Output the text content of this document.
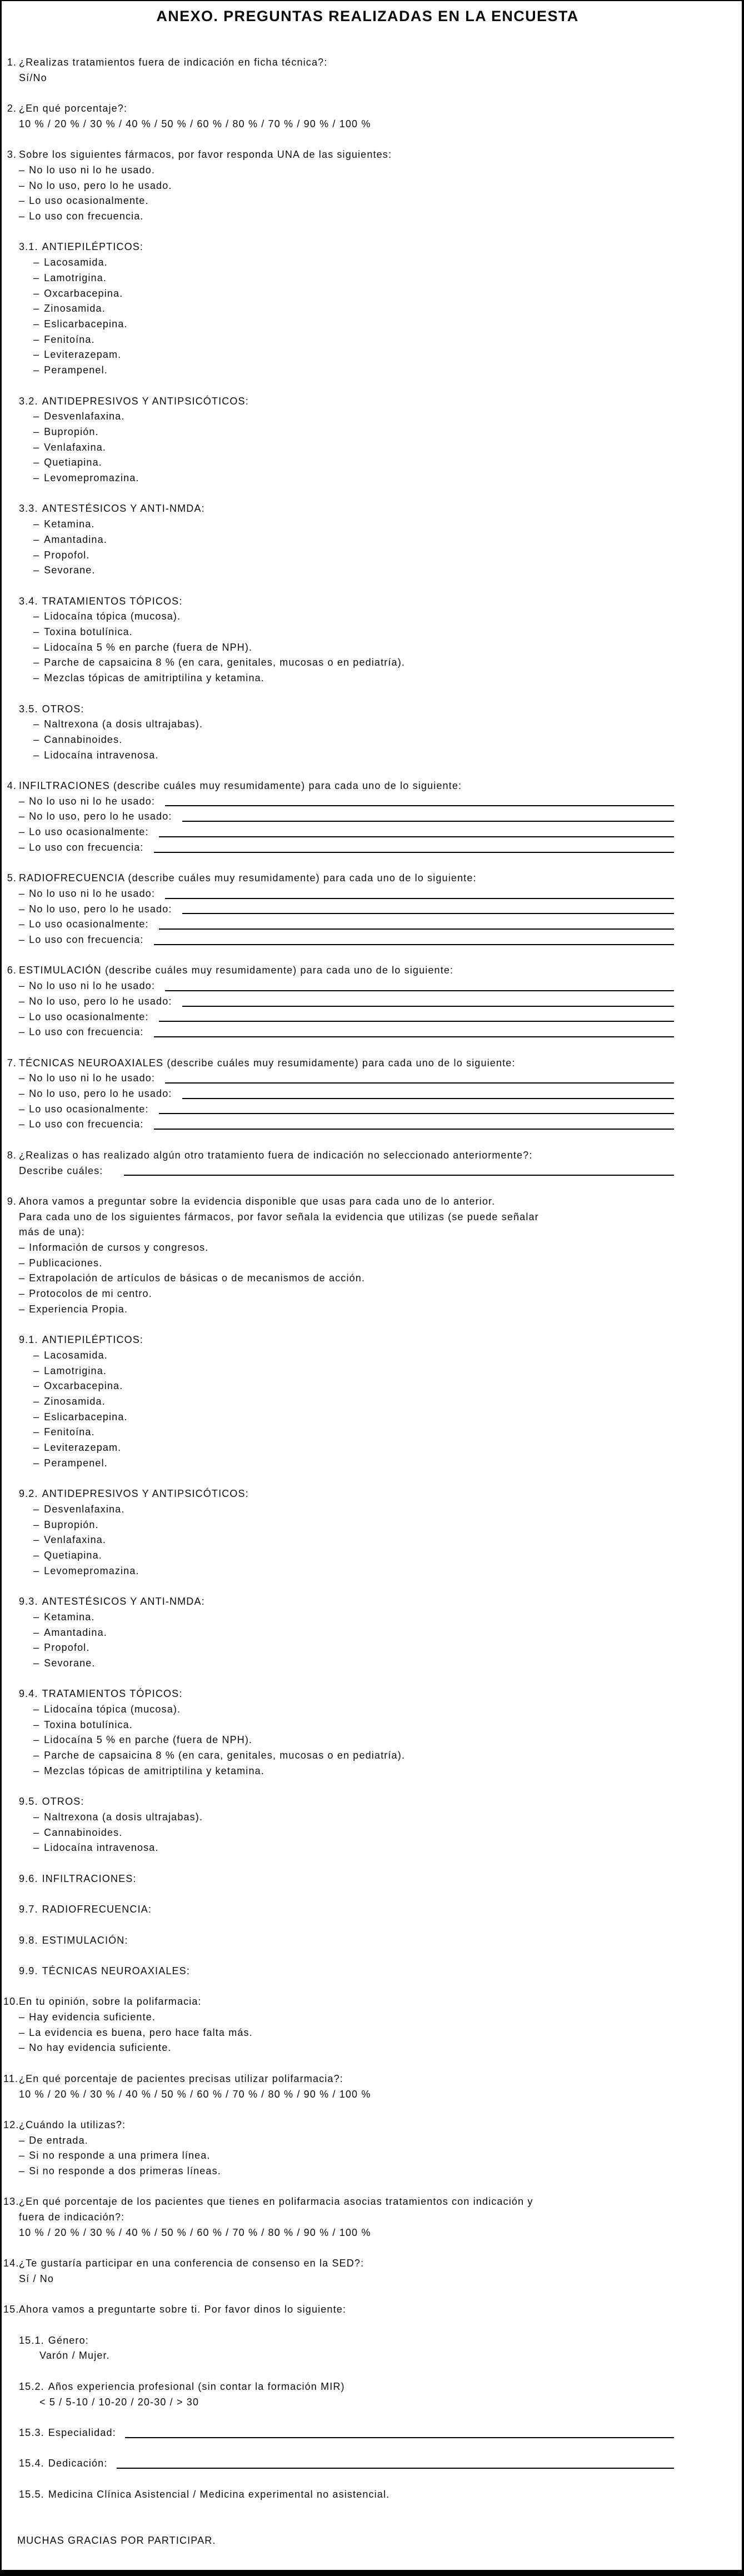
ANEXO. PREGUNTAS REALIZADAS EN LA ENCUESTA
1. ¿Realizas tratamientos fuera de indicación en ficha técnica?:
Sí/No
2. ¿En qué porcentaje?:
10 % / 20 % / 30 % / 40 % / 50 % / 60 % / 80 % / 70 % / 90 % / 100 %
3. Sobre los siguientes fármacos, por favor responda UNA de las siguientes:
– No lo uso ni lo he usado.
– No lo uso, pero lo he usado.
– Lo uso ocasionalmente.
– Lo uso con frecuencia.
3.1. ANTIEPILÉPTICOS:
– Lacosamida.
– Lamotrigina.
– Oxcarbacepina.
– Zinosamida.
– Eslicarbacepina.
– Fenitoína.
– Leviterazepam.
– Perampenel.
3.2. ANTIDEPRESIVOS Y ANTIPSICÓTICOS:
– Desvenlafaxina.
– Bupropión.
– Venlafaxina.
– Quetiapina.
– Levomepromazina.
3.3. ANTESTÉSICOS Y ANTI-NMDA:
– Ketamina.
– Amantadina.
– Propofol.
– Sevorane.
3.4. TRATAMIENTOS TÓPICOS:
– Lidocaína tópica (mucosa).
– Toxina botulínica.
– Lidocaína 5 % en parche (fuera de NPH).
– Parche de capsaicina 8 % (en cara, genitales, mucosas o en pediatría).
– Mezclas tópicas de amitriptilina y ketamina.
3.5. OTROS:
– Naltrexona (a dosis ultrajabas).
– Cannabinoides.
– Lidocaína intravenosa.
4. INFILTRACIONES (describe cuáles muy resumidamente) para cada uno de lo siguiente:
– No lo uso ni lo he usado:
– No lo uso, pero lo he usado:
– Lo uso ocasionalmente:
– Lo uso con frecuencia:
5. RADIOFRECUENCIA (describe cuáles muy resumidamente) para cada uno de lo siguiente:
– No lo uso ni lo he usado:
– No lo uso, pero lo he usado:
– Lo uso ocasionalmente:
– Lo uso con frecuencia:
6. ESTIMULACIÓN (describe cuáles muy resumidamente) para cada uno de lo siguiente:
– No lo uso ni lo he usado:
– No lo uso, pero lo he usado:
– Lo uso ocasionalmente:
– Lo uso con frecuencia:
7. TÉCNICAS NEUROAXIALES (describe cuáles muy resumidamente) para cada uno de lo siguiente:
– No lo uso ni lo he usado:
– No lo uso, pero lo he usado:
– Lo uso ocasionalmente:
– Lo uso con frecuencia:
8. ¿Realizas o has realizado algún otro tratamiento fuera de indicación no seleccionado anteriormente?:
Describe cuáles:
9. Ahora vamos a preguntar sobre la evidencia disponible que usas para cada uno de lo anterior.
Para cada uno de los siguientes fármacos, por favor señala la evidencia que utilizas (se puede señalar
más de una):
– Información de cursos y congresos.
– Publicaciones.
– Extrapolación de artículos de básicas o de mecanismos de acción.
– Protocolos de mi centro.
– Experiencia Propia.
9.1. ANTIEPILÉPTICOS:
– Lacosamida.
– Lamotrigina.
– Oxcarbacepina.
– Zinosamida.
– Eslicarbacepina.
– Fenitoína.
– Leviterazepam.
– Perampenel.
9.2. ANTIDEPRESIVOS Y ANTIPSICÓTICOS:
– Desvenlafaxina.
– Bupropión.
– Venlafaxina.
– Quetiapina.
– Levomepromazina.
9.3. ANTESTÉSICOS Y ANTI-NMDA:
– Ketamina.
– Amantadina.
– Propofol.
– Sevorane.
9.4. TRATAMIENTOS TÓPICOS:
– Lidocaína tópica (mucosa).
– Toxina botulínica.
– Lidocaína 5 % en parche (fuera de NPH).
– Parche de capsaicina 8 % (en cara, genitales, mucosas o en pediatría).
– Mezclas tópicas de amitriptilina y ketamina.
9.5. OTROS:
– Naltrexona (a dosis ultrajabas).
– Cannabinoides.
– Lidocaína intravenosa.
9.6. INFILTRACIONES:
9.7. RADIOFRECUENCIA:
9.8. ESTIMULACIÓN:
9.9. TÉCNICAS NEUROAXIALES:
10. En tu opinión, sobre la polifarmacia:
– Hay evidencia suficiente.
– La evidencia es buena, pero hace falta más.
– No hay evidencia suficiente.
11. ¿En qué porcentaje de pacientes precisas utilizar polifarmacia?:
10 % / 20 % / 30 % / 40 % / 50 % / 60 % / 70 % / 80 % / 90 % / 100 %
12. ¿Cuándo la utilizas?:
– De entrada.
– Si no responde a una primera línea.
– Si no responde a dos primeras líneas.
13. ¿En qué porcentaje de los pacientes que tienes en polifarmacia asocias tratamientos con indicación y
fuera de indicación?:
10 % / 20 % / 30 % / 40 % / 50 % / 60 % / 70 % / 80 % / 90 % / 100 %
14. ¿Te gustaría participar en una conferencia de consenso en la SED?:
Sí / No
15. Ahora vamos a preguntarte sobre ti. Por favor dinos lo siguiente:
15.1. Género:
Varón / Mujer.
15.2. Años experiencia profesional (sin contar la formación MIR)
< 5 / 5-10 / 10-20 / 20-30 / > 30
15.3. Especialidad:
15.4. Dedicación:
15.5. Medicina Clínica Asistencial / Medicina experimental no asistencial.
MUCHAS GRACIAS POR PARTICIPAR.
